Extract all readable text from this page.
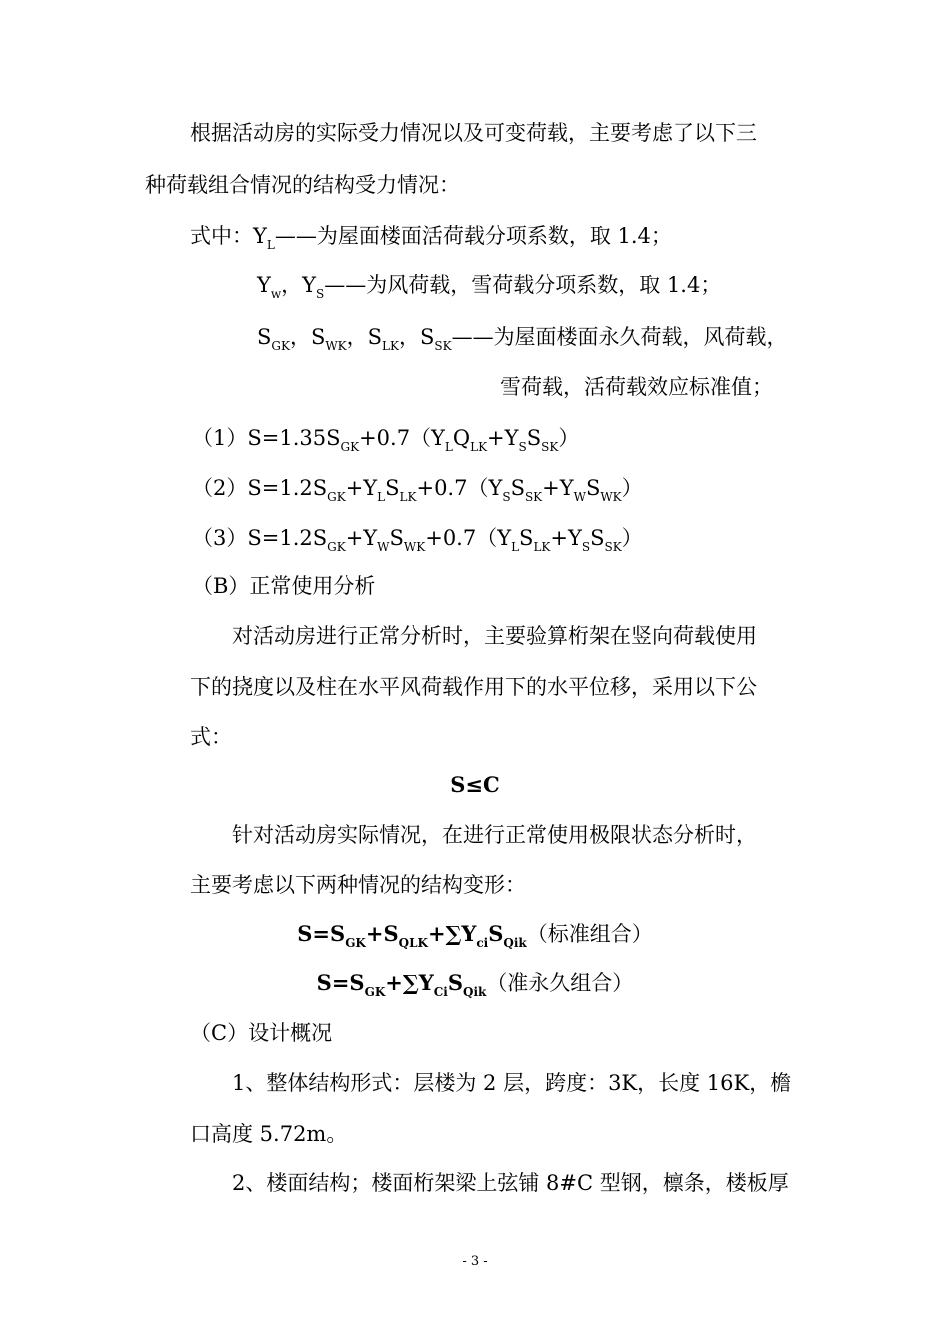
根据活动房的实际受力情况以及可变荷载，主要考虑了以下三
种荷载组合情况的结构受力情况：
式中：$Y_L——$为屋面楼面活荷载分项系数，取 1.4；
$Y_w$，$Y_S——$为风荷载，雪荷载分项系数，取 1.4；
$S_{GK}$，$S_{WK}$，$S_{LK}$，$S_{SK}——$为屋面楼面永久荷载，风荷载，
雪荷载，活荷载效应标准值；
$(1)S=1.35S_{GK}+0.7(Y_LQ_{LK}+Y_SS_{SK})$
$(2)S=1.2S_{GK}+Y_LS_{LK}+0.7(Y_SS_{SK}+Y_WS_{WK})$
$(3)S=1.2S_{GK}+Y_WS_{WK}+0.7(Y_LS_{LK}+Y_SS_{SK})$
（B）正常使用分析
对活动房进行正常分析时，主要验算桁架在竖向荷载使用
下的挠度以及柱在水平风荷载作用下的水平位移，采用以下公
式：
S≤C
针对活动房实际情况，在进行正常使用极限状态分析时，
主要考虑以下两种情况的结构变形：
$S=S_{GK}+S_{QLK}+\sum Y_{ci}S_{Qik}$（标准组合）
$S=S_{GK}+\sum Y_{Ci}S_{Qik}$（准永久组合）
（C）设计概况
1、整体结构形式：层楼为 2 层，跨度：3K，长度 16K，檐
口高度 5.72m。
2、楼面结构；楼面桁架梁上弦铺 8#C 型钢，檩条，楼板厚
- 3 -
